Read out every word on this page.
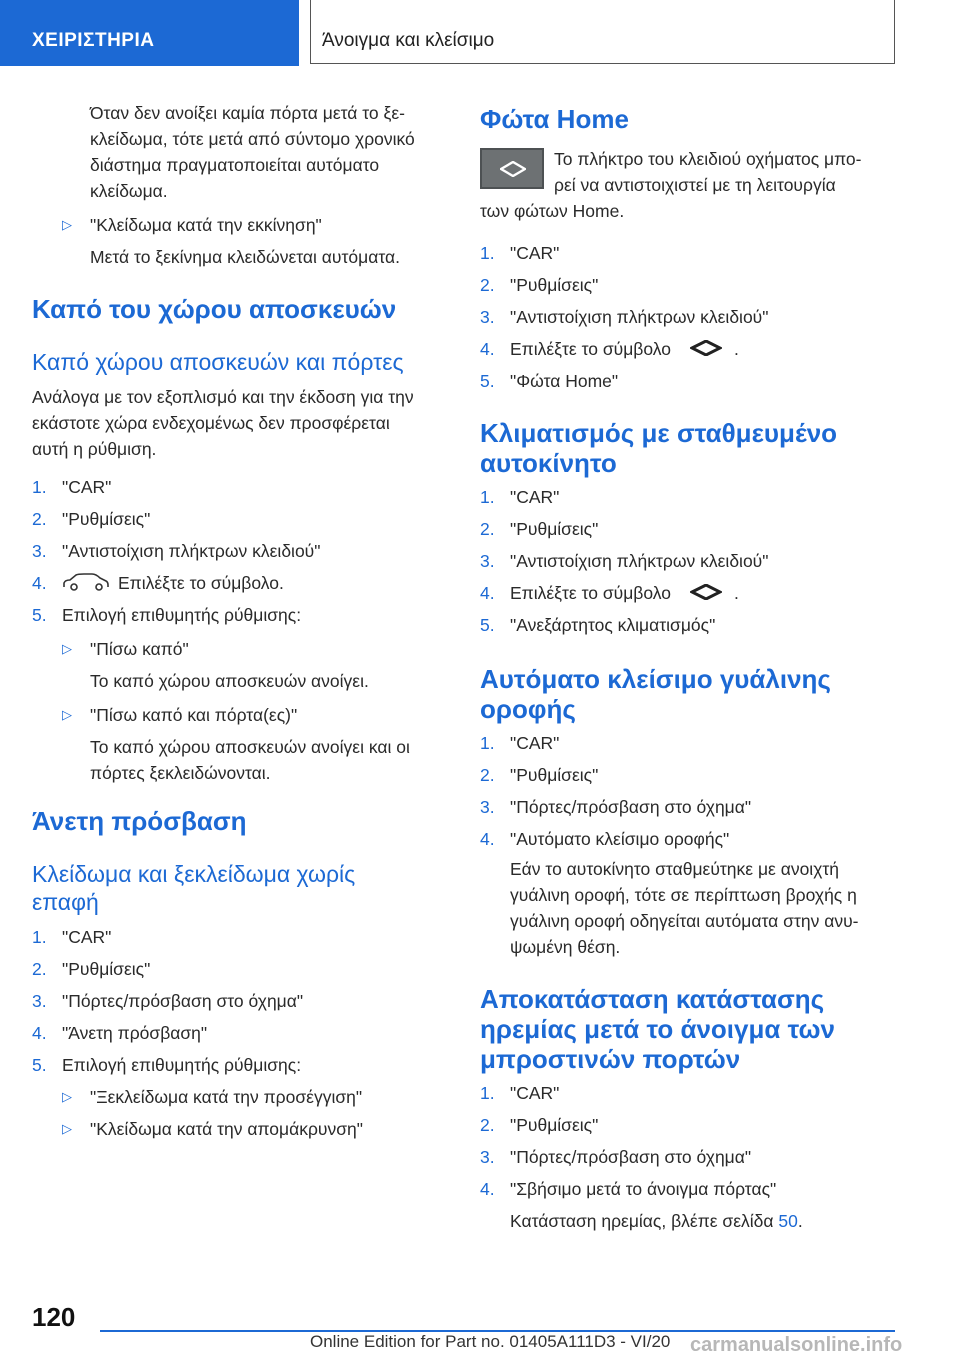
ΧΕΙΡΙΣΤΗΡΙΑ	Άνοιγμα και κλείσιμο
Όταν δεν ανοίξει καμία πόρτα μετά το ξε-
κλείδωμα, τότε μετά από σύντομο χρονικό
διάστημα πραγματοποιείται αυτόματο
κλείδωμα.
▷ "Κλείδωμα κατά την εκκίνηση"
Μετά το ξεκίνημα κλειδώνεται αυτόματα.
Καπό του χώρου αποσκευών
Καπό χώρου αποσκευών και πόρτες
Ανάλογα με τον εξοπλισμό και την έκδοση για την
εκάστοτε χώρα ενδεχομένως δεν προσφέρεται
αυτή η ρύθμιση.
1. "CAR"
2. "Ρυθμίσεις"
3. "Αντιστοίχιση πλήκτρων κλειδιού"
4.	Επιλέξτε το σύμβολο.
5. Επιλογή επιθυμητής ρύθμισης:
▷ "Πίσω καπό"
Το καπό χώρου αποσκευών ανοίγει.
▷ "Πίσω καπό και πόρτα(ες)"
Το καπό χώρου αποσκευών ανοίγει και οι
πόρτες ξεκλειδώνονται.
Άνετη πρόσβαση
Κλείδωμα και ξεκλείδωμα χωρίς
επαφή
1. "CAR"
2. "Ρυθμίσεις"
3. "Πόρτες/πρόσβαση στο όχημα"
4. "Άνετη πρόσβαση"
5. Επιλογή επιθυμητής ρύθμισης:
▷ "Ξεκλείδωμα κατά την προσέγγιση"
▷ "Κλείδωμα κατά την απομάκρυνση"
Φώτα Home
Το πλήκτρο του κλειδιού οχήματος μπο-
ρεί να αντιστοιχιστεί με τη λειτουργία
των φώτων Home.
1. "CAR"
2. "Ρυθμίσεις"
3. "Αντιστοίχιση πλήκτρων κλειδιού"
4. Επιλέξτε το σύμβολο	.
5. "Φώτα Home"
Κλιματισμός με σταθμευμένο
αυτοκίνητο
1. "CAR"
2. "Ρυθμίσεις"
3. "Αντιστοίχιση πλήκτρων κλειδιού"
4. Επιλέξτε το σύμβολο	.
5. "Ανεξάρτητος κλιματισμός"
Αυτόματο κλείσιμο γυάλινης
οροφής
1. "CAR"
2. "Ρυθμίσεις"
3. "Πόρτες/πρόσβαση στο όχημα"
4. "Αυτόματο κλείσιμο οροφής"
Εάν το αυτοκίνητο σταθμεύτηκε με ανοιχτή
γυάλινη οροφή, τότε σε περίπτωση βροχής η
γυάλινη οροφή οδηγείται αυτόματα στην ανυ-
ψωμένη θέση.
Αποκατάσταση κατάστασης
ηρεμίας μετά το άνοιγμα των
μπροστινών πορτών
1. "CAR"
2. "Ρυθμίσεις"
3. "Πόρτες/πρόσβαση στο όχημα"
4. "Σβήσιμο μετά το άνοιγμα πόρτας"
Κατάσταση ηρεμίας, βλέπε σελίδα 50.
120
Online Edition for Part no. 01405A111D3 - VI/20 carmanualsonline.info
